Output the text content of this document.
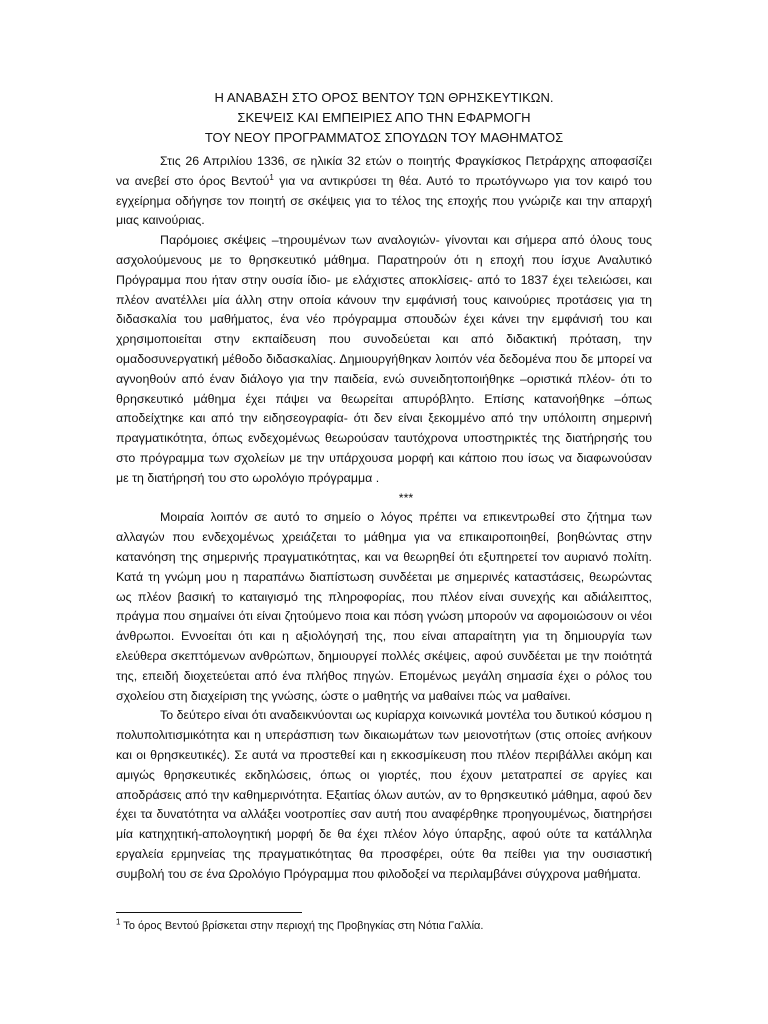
Η ΑΝΑΒΑΣΗ ΣΤΟ ΟΡΟΣ ΒΕΝΤΟΥ ΤΩΝ ΘΡΗΣΚΕΥΤΙΚΩΝ.
ΣΚΕΨΕΙΣ ΚΑΙ ΕΜΠΕΙΡΙΕΣ ΑΠΟ ΤΗΝ ΕΦΑΡΜΟΓΗ
ΤΟΥ ΝΕΟΥ ΠΡΟΓΡΑΜΜΑΤΟΣ ΣΠΟΥΔΩΝ ΤΟΥ ΜΑΘΗΜΑΤΟΣ

Στις 26 Απριλίου 1336, σε ηλικία 32 ετών ο ποιητής Φραγκίσκος Πετράρχης αποφασίζει να ανεβεί στο όρος Βεντού$^1$ για να αντικρύσει τη θέα. Αυτό το πρωτόγνωρο για τον καιρό του εγχείρημα οδήγησε τον ποιητή σε σκέψεις για το τέλος της εποχής που γνώριζε και την απαρχή μιας καινούριας.

Παρόμοιες σκέψεις –τηρουμένων των αναλογιών- γίνονται και σήμερα από όλους τους ασχολούμενους με το θρησκευτικό μάθημα. Παρατηρούν ότι η εποχή που ίσχυε Αναλυτικό Πρόγραμμα που ήταν στην ουσία ίδιο- με ελάχιστες αποκλίσεις- από το 1837 έχει τελειώσει, και πλέον ανατέλλει μία άλλη στην οποία κάνουν την εμφάνισή τους καινούριες προτάσεις για τη διδασκαλία του μαθήματος, ένα νέο πρόγραμμα σπουδών έχει κάνει την εμφάνισή του και χρησιμοποιείται στην εκπαίδευση που συνοδεύεται και από διδακτική πρόταση, την ομαδοσυνεργατική μέθοδο διδασκαλίας. Δημιουργήθηκαν λοιπόν νέα δεδομένα που δε μπορεί να αγνοηθούν από έναν διάλογο για την παιδεία, ενώ συνειδητοποιήθηκε –οριστικά πλέον- ότι το θρησκευτικό μάθημα έχει πάψει να θεωρείται απυρόβλητο. Επίσης κατανοήθηκε –όπως αποδείχτηκε και από την ειδησεογραφία- ότι δεν είναι ξεκομμένο από την υπόλοιπη σημερινή πραγματικότητα, όπως ενδεχομένως θεωρούσαν ταυτόχρονα υποστηρικτές της διατήρησής του στο πρόγραμμα των σχολείων με την υπάρχουσα μορφή και κάποιο που ίσως να διαφωνούσαν με τη διατήρησή του στο ωρολόγιο πρόγραμμα .

***

Μοιραία λοιπόν σε αυτό το σημείο ο λόγος πρέπει να επικεντρωθεί στο ζήτημα των αλλαγών που ενδεχομένως χρειάζεται το μάθημα για να επικαιροποιηθεί, βοηθώντας στην κατανόηση της σημερινής πραγματικότητας, και να θεωρηθεί ότι εξυπηρετεί τον αυριανό πολίτη. Κατά τη γνώμη μου η παραπάνω διαπίστωση συνδέεται με σημερινές καταστάσεις, θεωρώντας ως πλέον βασική το καταιγισμό της πληροφορίας, που πλέον είναι συνεχής και αδιάλειπτος, πράγμα που σημαίνει ότι είναι ζητούμενο ποια και πόση γνώση μπορούν να αφομοιώσουν οι νέοι άνθρωποι. Εννοείται ότι και η αξιολόγησή της, που είναι απαραίτητη για τη δημιουργία των ελεύθερα σκεπτόμενων ανθρώπων, δημιουργεί πολλές σκέψεις, αφού συνδέεται με την ποιότητά της, επειδή διοχετεύεται από ένα πλήθος πηγών. Επομένως μεγάλη σημασία έχει ο ρόλος του σχολείου στη διαχείριση της γνώσης, ώστε ο μαθητής να μαθαίνει πώς να μαθαίνει.

Το δεύτερο είναι ότι αναδεικνύονται ως κυρίαρχα κοινωνικά μοντέλα του δυτικού κόσμου η πολυπολιτισμικότητα και η υπεράσπιση των δικαιωμάτων των μειονοτήτων (στις οποίες ανήκουν και οι θρησκευτικές). Σε αυτά να προστεθεί και η εκκοσμίκευση που πλέον περιβάλλει ακόμη και αμιγώς θρησκευτικές εκδηλώσεις, όπως οι γιορτές, που έχουν μετατραπεί σε αργίες και αποδράσεις από την καθημερινότητα. Εξαιτίας όλων αυτών, αν το θρησκευτικό μάθημα, αφού δεν έχει τα δυνατότητα να αλλάξει νοοτροπίες σαν αυτή που αναφέρθηκε προηγουμένως, διατηρήσει μία κατηχητική-απολογητική μορφή δε θα έχει πλέον λόγο ύπαρξης, αφού ούτε τα κατάλληλα εργαλεία ερμηνείας της πραγματικότητας θα προσφέρει, ούτε θα πείθει για την ουσιαστική συμβολή του σε ένα Ωρολόγιο Πρόγραμμα που φιλοδοξεί να περιλαμβάνει σύγχρονα μαθήματα.

$^1$ Το όρος Βεντού βρίσκεται στην περιοχή της Προβηγκίας στη Νότια Γαλλία.
